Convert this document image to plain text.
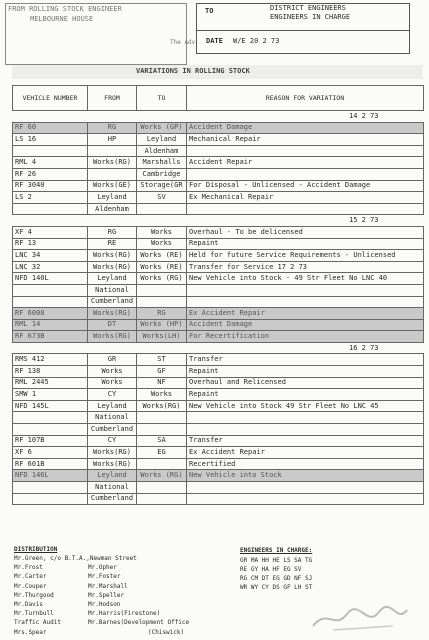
FROM ROLLING STOCK ENGINEER
MELBOURNE HOUSE
The Adv
TO	DISTRICT ENGINEERS
ENGINEERS IN CHARGE
DATE W/E 20 2 73
VARIATIONS IN ROLLING STOCK
VEHICLE NUMBER	FROM	TO	REASON FOR VARIATION
14 2 73			
RF 60	RG	Works (GP)	Accident Damage
LS 16	HP	Leyland	Mechanical Repair
		Aldenham	
RML 4	Works(RG)	Marshalls	Accident Repair
RF 26		Cambridge	
RF 3040	Works(GE)	Storage(GR	For Disposal - Unlicensed - Accident Damage
LS 2	Leyland	SV	Ex Mechanical Repair
	Aldenham		
15 2 73			
XF 4	RG	Works	Overhaul - To be delicensed
RF 13	RE	Works	Repaint
LNC 34	Works(RG)	Works (RE)	Held for future Service Requirements - Unlicensed
LNC 32	Works(RG)	Works (RE)	Transfer for Service 17 2 73
NFD 140L	Leyland	Works (RG)	New Vehicle into Stock - 49 Str Fleet No LNC 40
	National		
	Cumberland		
RF 6008	Works(RG)	RG	Ex Accident Repair
RML 14	DT	Works (HP)	Accident Damage
RF 673B	Works(RG)	Works(LH)	For Recertification
16 2 73			
RMS 412	GR	ST	Transfer
RF 138	Works	GF	Repaint
RML 2445	Works	NF	Overhaul and Relicensed
SMW 1	CY	Works	Repaint
NFD 145L	Leyland	Works(RG)	New Vehicle into Stock 49 Str Fleet No LNC 45
	National		
	Cumberland		
RF 107B	CY	SA	Transfer
XF 6	Works(RG)	EG	Ex Accident Repair
RF 601B	Works(RG)		Recertified
NFD 146L	Leyland	Works (RG)	New Vehicle into Stock
	National		
	Cumberland		
DISTRIBUTION
Mr.Green, c/o B.T.A.,Newman Street
Mr.Frost
Mr.Carter
Mr.Couper
Mr.Thurgood
Mr.Davis
Mr.Turnbull
Traffic Audit
Mrs.Spear
Mr.Opher
Mr.Foster
Mr.Marshall
Mr.Speller
Mr.Hodson
Mr.Harris(Firestone)
Mr.Barnes(Development Office
(Chiswick)
ENGINEERS IN CHARGE:
GR MA HH HE LS SA TG
RE GY HA HF EG SV
RG CM DT EG GD NF SJ
WR WY CY DS GF LH ST
